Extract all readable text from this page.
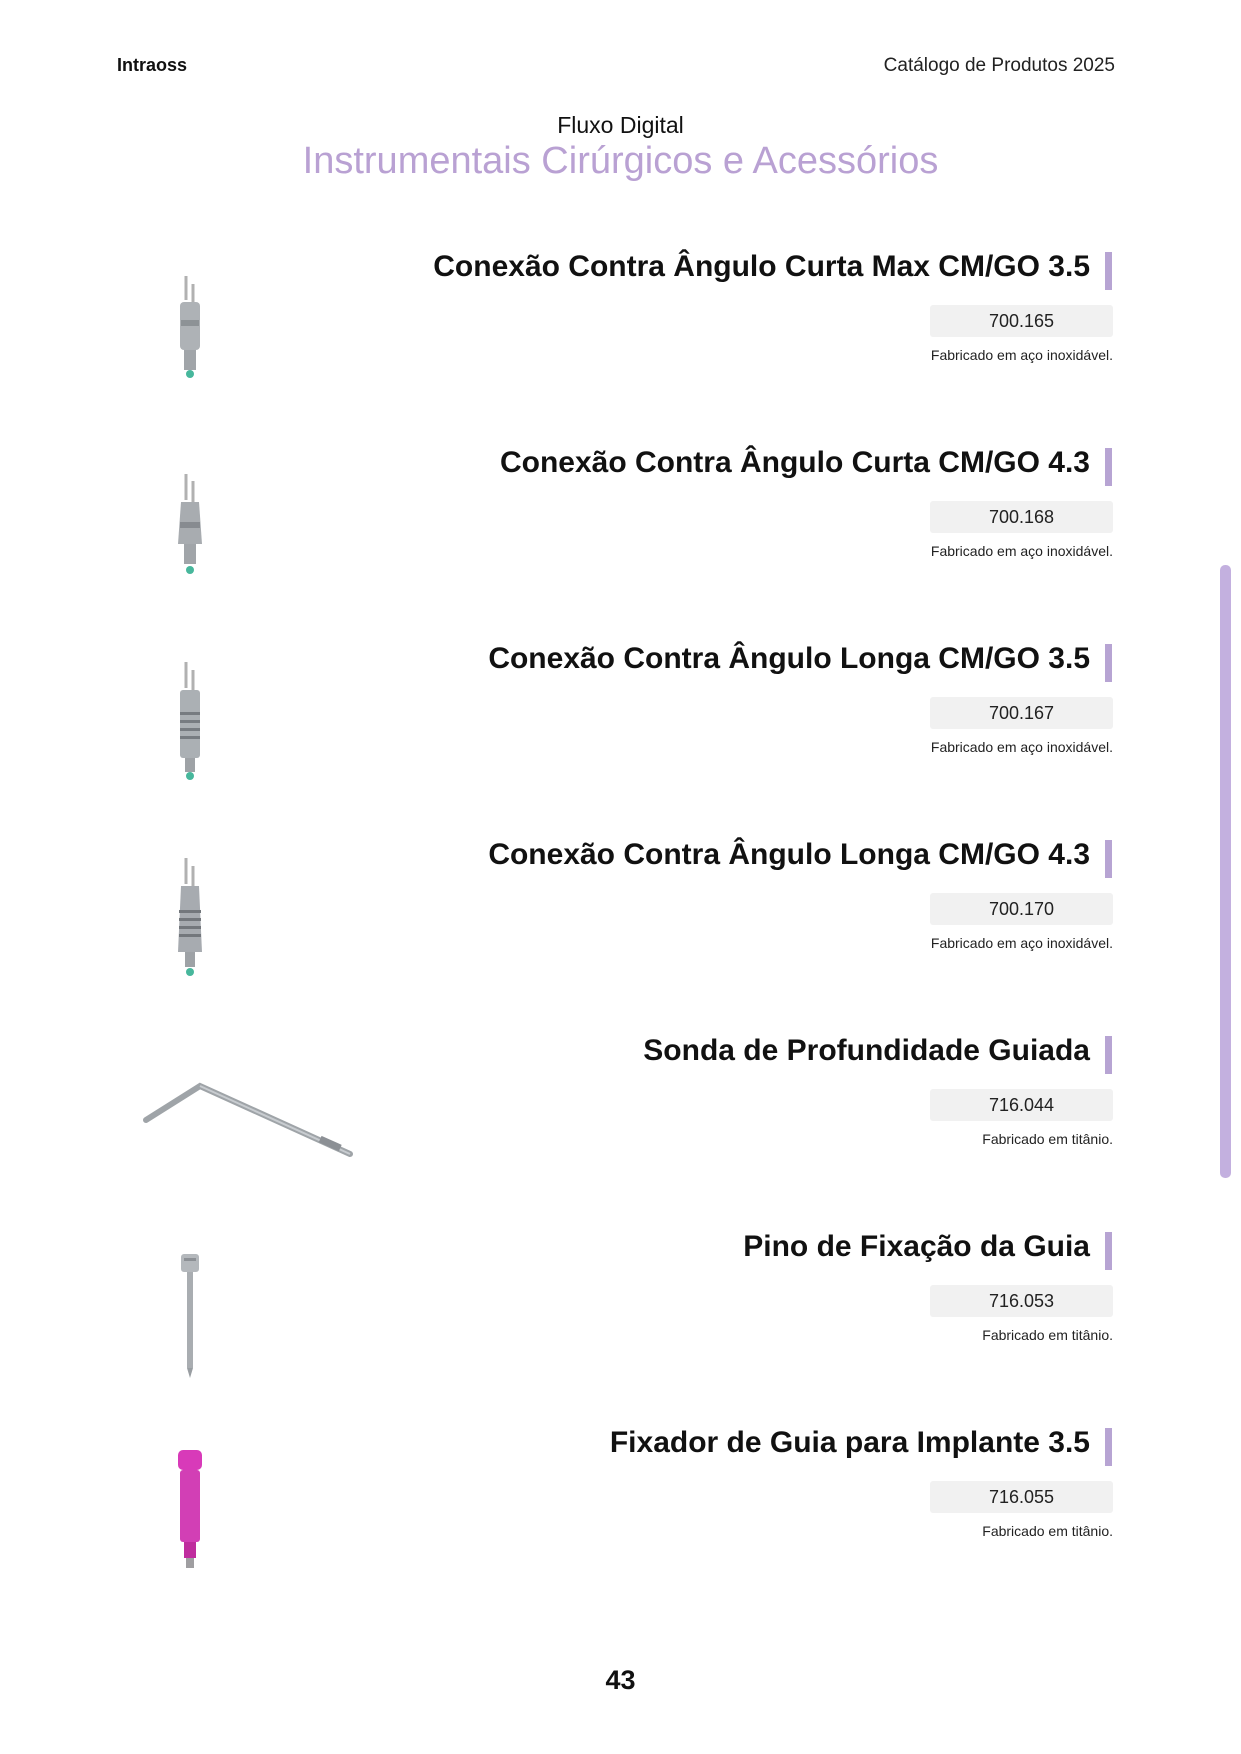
Intraoss	Catálogo de Produtos 2025
Fluxo Digital
Instrumentais Cirúrgicos e Acessórios
Conexão Contra Ângulo Curta Max CM/GO 3.5
700.165
Fabricado em aço inoxidável.
Conexão Contra Ângulo Curta CM/GO 4.3
700.168
Fabricado em aço inoxidável.
Conexão Contra Ângulo Longa CM/GO 3.5
700.167
Fabricado em aço inoxidável.
Conexão Contra Ângulo Longa CM/GO 4.3
700.170
Fabricado em aço inoxidável.
Sonda de Profundidade Guiada
716.044
Fabricado em titânio.
Pino de Fixação da Guia
716.053
Fabricado em titânio.
Fixador de Guia para Implante 3.5
716.055
Fabricado em titânio.
43
